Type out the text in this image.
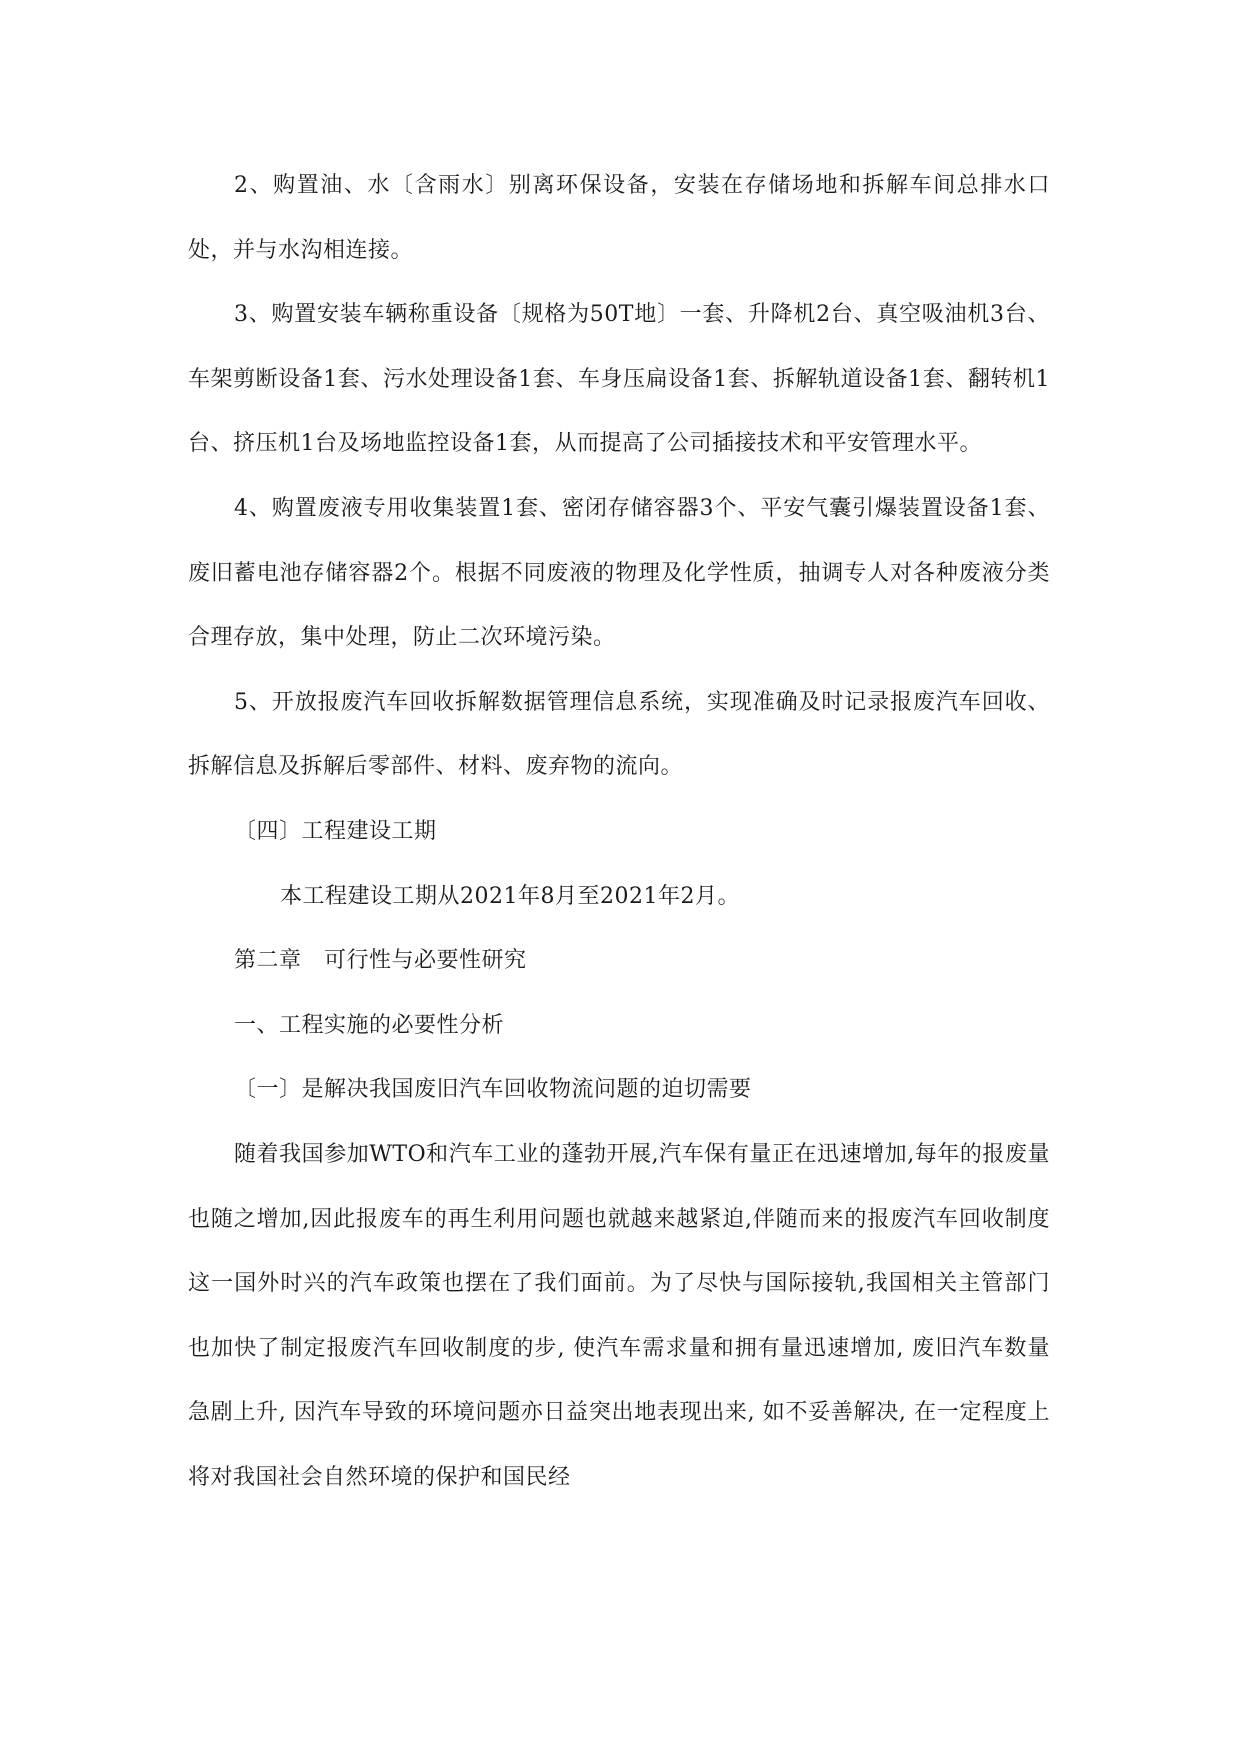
2、购置油、水〔含雨水〕别离环保设备，安装在存储场地和拆解车间总排水口处，并与水沟相连接。

3、购置安装车辆称重设备〔规格为50T地〕一套、升降机2台、真空吸油机3台、车架剪断设备1套、污水处理设备1套、车身压扁设备1套、拆解轨道设备1套、翻转机1台、挤压机1台及场地监控设备1套，从而提高了公司插接技术和平安管理水平。

4、购置废液专用收集装置1套、密闭存储容器3个、平安气囊引爆装置设备1套、废旧蓄电池存储容器2个。根据不同废液的物理及化学性质，抽调专人对各种废液分类合理存放，集中处理，防止二次环境污染。

5、开放报废汽车回收拆解数据管理信息系统，实现准确及时记录报废汽车回收、拆解信息及拆解后零部件、材料、废弃物的流向。

〔四〕工程建设工期

本工程建设工期从2021年8月至2021年2月。

第二章　可行性与必要性研究

一、工程实施的必要性分析

〔一〕是解决我国废旧汽车回收物流问题的迫切需要

随着我国参加WTO和汽车工业的蓬勃开展,汽车保有量正在迅速增加,每年的报废量也随之增加,因此报废车的再生利用问题也就越来越紧迫,伴随而来的报废汽车回收制度这一国外时兴的汽车政策也摆在了我们面前。为了尽快与国际接轨,我国相关主管部门也加快了制定报废汽车回收制度的步, 使汽车需求量和拥有量迅速增加, 废旧汽车数量急剧上升, 因汽车导致的环境问题亦日益突出地表现出来, 如不妥善解决, 在一定程度上将对我国社会自然环境的保护和国民经
